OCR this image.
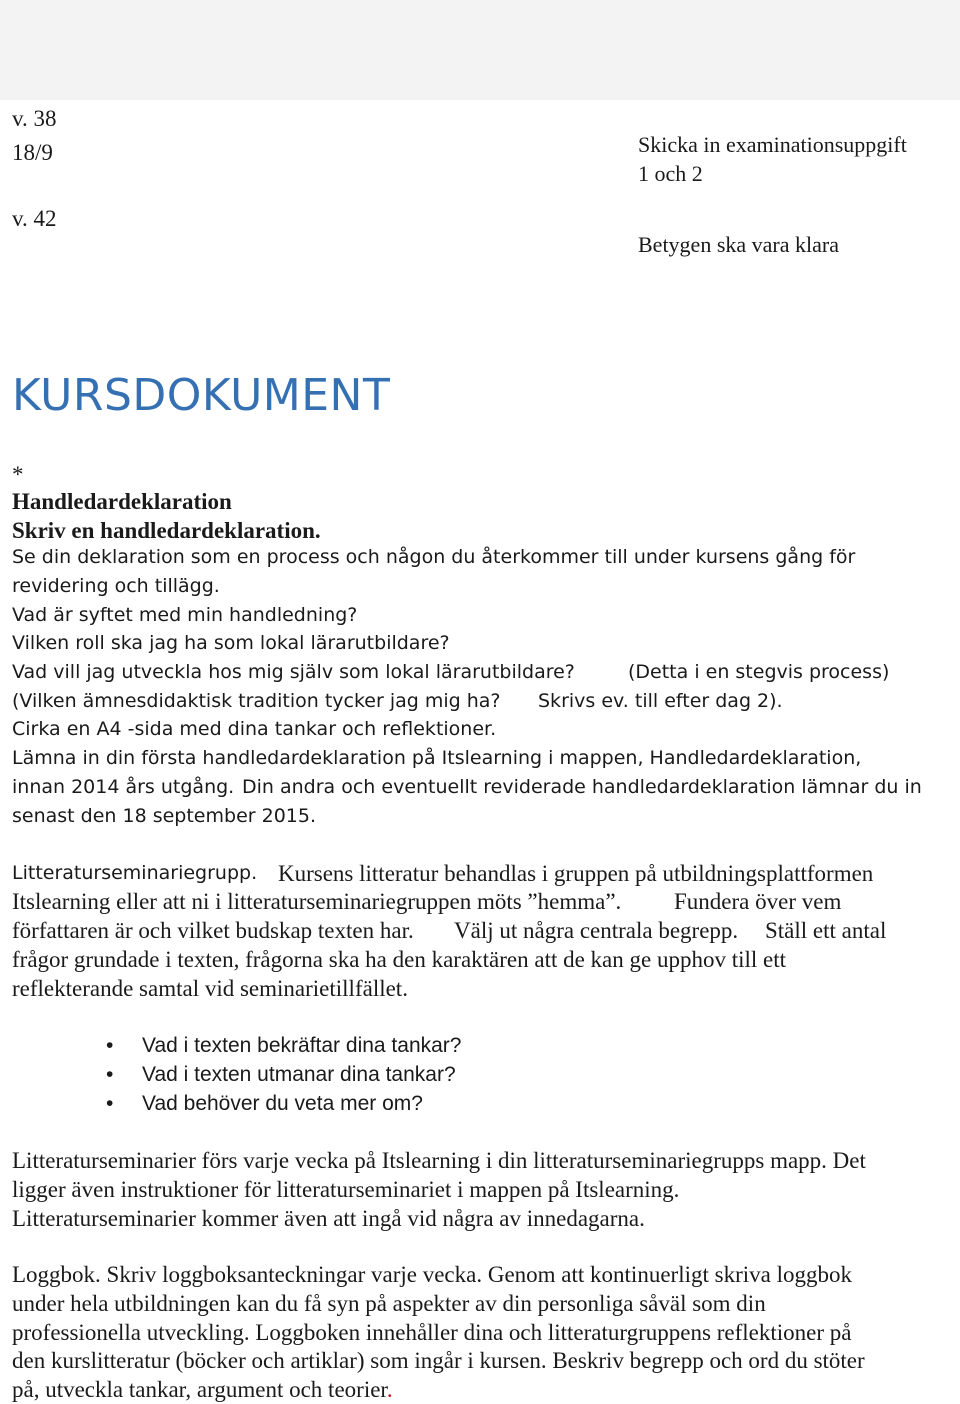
v. 38
18/9
v. 42
Skicka in examinationsuppgift
1 och 2
Betygen ska vara klara
KURSDOKUMENT
*
Handledardeklaration
Skriv en handledardeklaration.
Se din deklaration som en process och någon du återkommer till under kursens gång för
revidering och tillägg.
Vad är syftet med min handledning?
Vilken roll ska jag ha som lokal lärarutbildare?
Vad vill jag utveckla hos mig själv som lokal lärarutbildare?	(Detta i en stegvis process)
(Vilken ämnesdidaktisk tradition tycker jag mig ha? Skrivs ev. till efter dag 2).
Cirka en A4 -sida med dina tankar och reflektioner.
Lämna in din första handledardeklaration på Itslearning i mappen, Handledardeklaration,
innan 2014 års utgång. Din andra och eventuellt reviderade handledardeklaration lämnar du in
senast den 18 september 2015.
Litteraturseminariegrupp. Kursens litteratur behandlas i gruppen på utbildningsplattformen
Itslearning eller att ni i litteraturseminariegruppen möts ”hemma”. Fundera över vem
författaren är och vilket budskap texten har. Välj ut några centrala begrepp. Ställ ett antal
frågor grundade i texten, frågorna ska ha den karaktären att de kan ge upphov till ett
reflekterande samtal vid seminarietillfället.
• Vad i texten bekräftar dina tankar?
• Vad i texten utmanar dina tankar?
• Vad behöver du veta mer om?
Litteraturseminarier förs varje vecka på Itslearning i din litteraturseminariegrupps mapp. Det
ligger även instruktioner för litteraturseminariet i mappen på Itslearning.
Litteraturseminarier kommer även att ingå vid några av innedagarna.
Loggbok. Skriv loggboksanteckningar varje vecka. Genom att kontinuerligt skriva loggbok
under hela utbildningen kan du få syn på aspekter av din personliga såväl som din
professionella utveckling. Loggboken innehåller dina och litteraturgruppens reflektioner på
den kurslitteratur (böcker och artiklar) som ingår i kursen. Beskriv begrepp och ord du stöter
på, utveckla tankar, argument och teorier.
